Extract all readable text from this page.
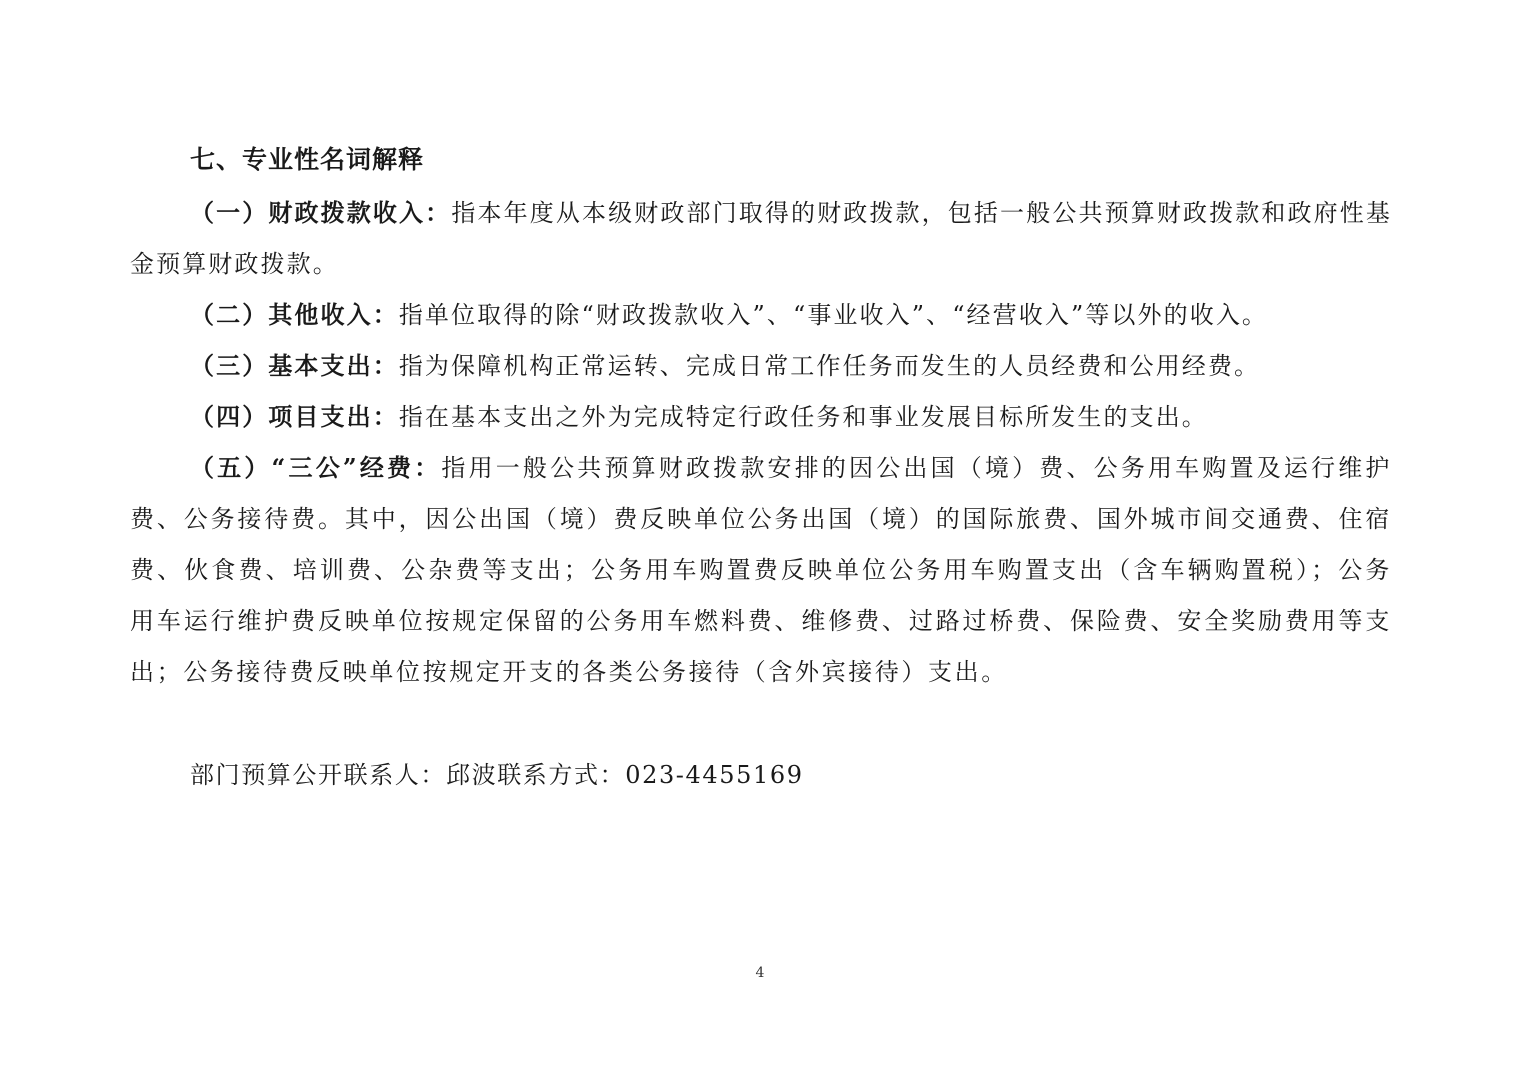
七、专业性名词解释

（一）财政拨款收入：指本年度从本级财政部门取得的财政拨款，包括一般公共预算财政拨款和政府性基金预算财政拨款。

（二）其他收入：指单位取得的除“财政拨款收入”、“事业收入”、“经营收入”等以外的收入。

（三）基本支出：指为保障机构正常运转、完成日常工作任务而发生的人员经费和公用经费。

（四）项目支出：指在基本支出之外为完成特定行政任务和事业发展目标所发生的支出。

（五）“三公”经费：指用一般公共预算财政拨款安排的因公出国（境）费、公务用车购置及运行维护费、公务接待费。其中，因公出国（境）费反映单位公务出国（境）的国际旅费、国外城市间交通费、住宿费、伙食费、培训费、公杂费等支出；公务用车购置费反映单位公务用车购置支出（含车辆购置税）；公务用车运行维护费反映单位按规定保留的公务用车燃料费、维修费、过路过桥费、保险费、安全奖励费用等支出；公务接待费反映单位按规定开支的各类公务接待（含外宾接待）支出。

部门预算公开联系人：邱波联系方式：023-4455169
4
